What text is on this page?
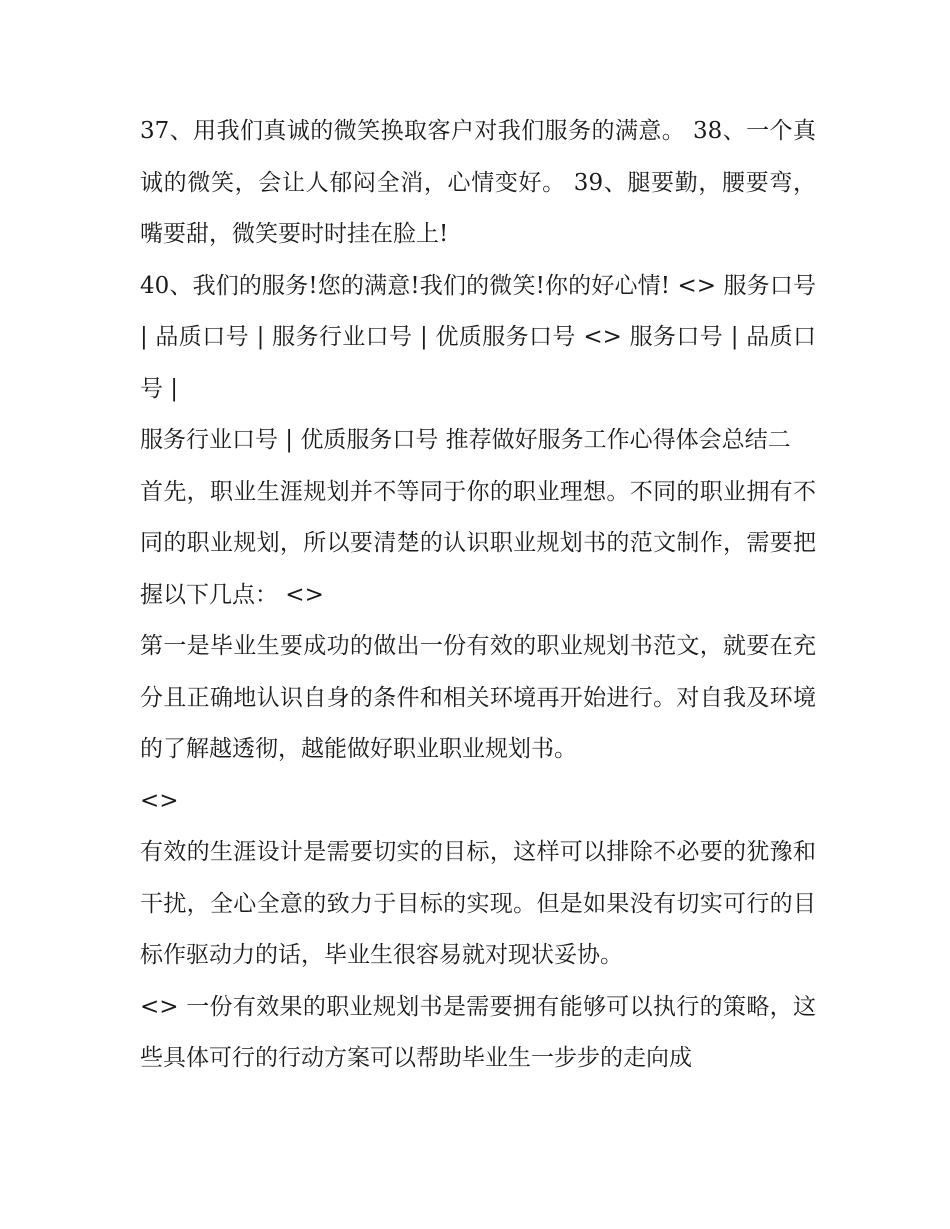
37、用我们真诚的微笑换取客户对我们服务的满意。 38、一个真诚的微笑，会让人郁闷全消，心情变好。 39、腿要勤，腰要弯，嘴要甜，微笑要时时挂在脸上!

40、我们的服务!您的满意!我们的微笑!你的好心情! <> 服务口号 | 品质口号 | 服务行业口号 | 优质服务口号 <> 服务口号 | 品质口号 |

服务行业口号 | 优质服务口号 推荐做好服务工作心得体会总结二

首先，职业生涯规划并不等同于你的职业理想。不同的职业拥有不同的职业规划，所以要清楚的认识职业规划书的范文制作，需要把握以下几点： <>

第一是毕业生要成功的做出一份有效的职业规划书范文，就要在充分且正确地认识自身的条件和相关环境再开始进行。对自我及环境的了解越透彻，越能做好职业职业规划书。

<>

有效的生涯设计是需要切实的目标，这样可以排除不必要的犹豫和干扰，全心全意的致力于目标的实现。但是如果没有切实可行的目标作驱动力的话，毕业生很容易就对现状妥协。

<> 一份有效果的职业规划书是需要拥有能够可以执行的策略，这些具体可行的行动方案可以帮助毕业生一步步的走向成
